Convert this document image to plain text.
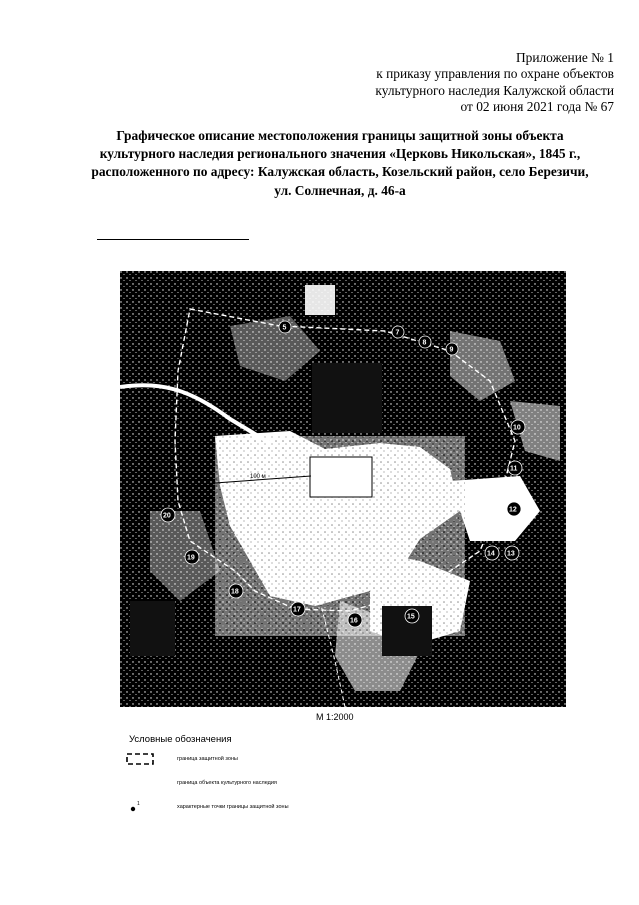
Приложение № 1
к приказу управления по охране объектов
культурного наследия Калужской области
от 02 июня 2021 года № 67
Графическое описание местоположения границы защитной зоны объекта
культурного наследия регионального значения «Церковь Никольская», 1845 г.,
расположенного по адресу: Калужская область, Козельский район, село Березичи,
ул. Солнечная, д. 46-а
100 м
5
7
8
9
10
11
12
13
14
15
16
17
18
19
20
М 1:2000
Условные обозначения
граница защитной зоны
граница объекта культурного наследия
1	характерные точки границы защитной зоны
